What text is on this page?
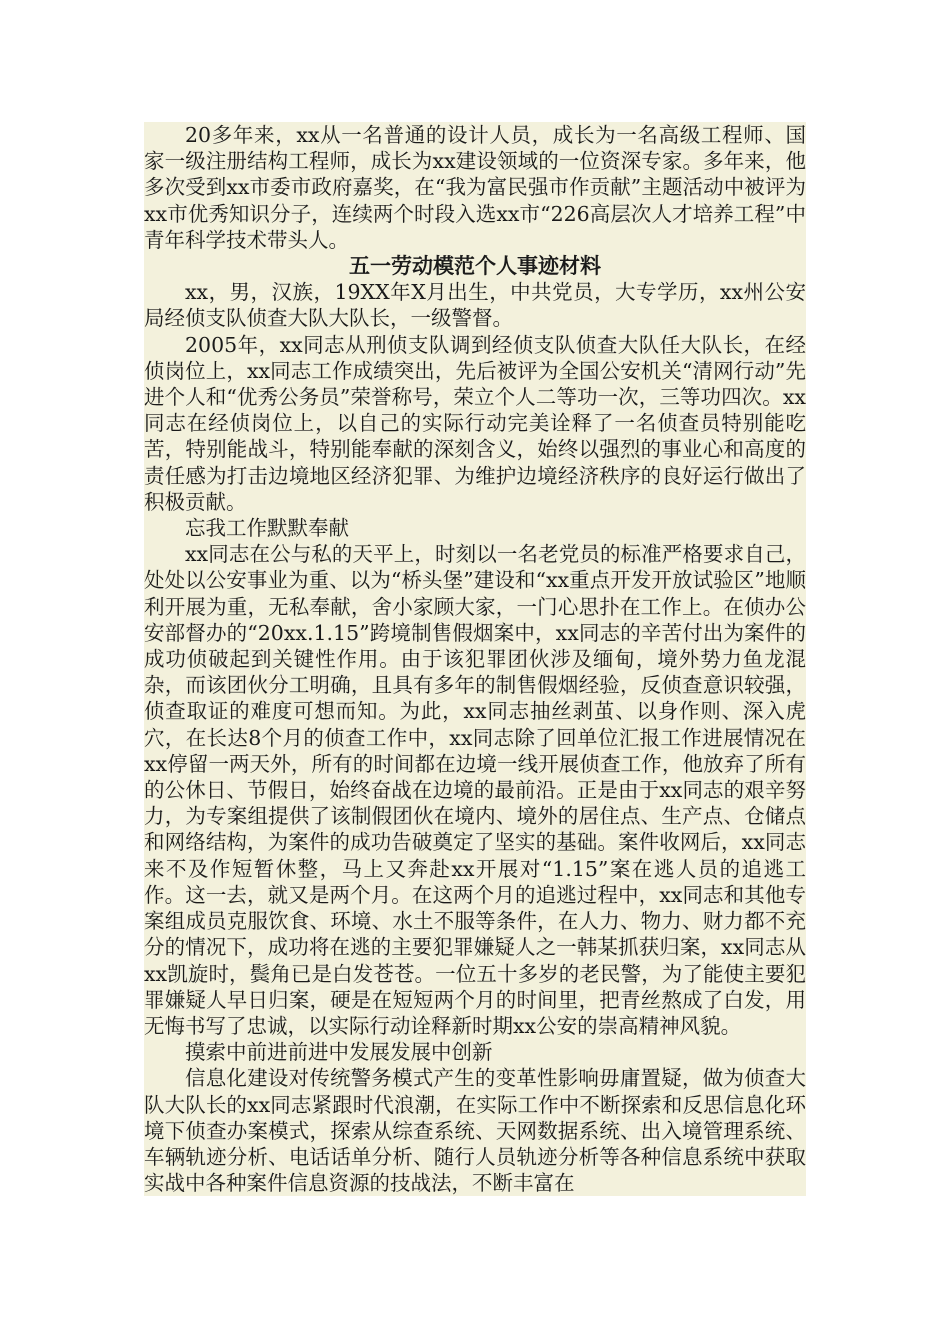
20多年来，xx从一名普通的设计人员，成长为一名高级工程师、国家一级注册结构工程师，成长为xx建设领域的一位资深专家。多年来，他多次受到xx市委市政府嘉奖，在“我为富民强市作贡献”主题活动中被评为xx市优秀知识分子，连续两个时段入选xx市“226高层次人才培养工程”中青年科学技术带头人。

五一劳动模范个人事迹材料

xx，男，汉族，19XX年X月出生，中共党员，大专学历，xx州公安局经侦支队侦查大队大队长，一级警督。

2005年，xx同志从刑侦支队调到经侦支队侦查大队任大队长，在经侦岗位上，xx同志工作成绩突出，先后被评为全国公安机关“清网行动”先进个人和“优秀公务员”荣誉称号，荣立个人二等功一次，三等功四次。xx同志在经侦岗位上，以自己的实际行动完美诠释了一名侦查员特别能吃苦，特别能战斗，特别能奉献的深刻含义，始终以强烈的事业心和高度的责任感为打击边境地区经济犯罪、为维护边境经济秩序的良好运行做出了积极贡献。

忘我工作默默奉献

xx同志在公与私的天平上，时刻以一名老党员的标准严格要求自己，处处以公安事业为重、以为“桥头堡”建设和“xx重点开发开放试验区”地顺利开展为重，无私奉献，舍小家顾大家，一门心思扑在工作上。在侦办公安部督办的“20xx.1.15”跨境制售假烟案中，xx同志的辛苦付出为案件的成功侦破起到关键性作用。由于该犯罪团伙涉及缅甸，境外势力鱼龙混杂，而该团伙分工明确，且具有多年的制售假烟经验，反侦查意识较强，侦查取证的难度可想而知。为此，xx同志抽丝剥茧、以身作则、深入虎穴，在长达8个月的侦查工作中，xx同志除了回单位汇报工作进展情况在xx停留一两天外，所有的时间都在边境一线开展侦查工作，他放弃了所有的公休日、节假日，始终奋战在边境的最前沿。正是由于xx同志的艰辛努力，为专案组提供了该制假团伙在境内、境外的居住点、生产点、仓储点和网络结构，为案件的成功告破奠定了坚实的基础。案件收网后，xx同志来不及作短暂休整，马上又奔赴xx开展对“1.15”案在逃人员的追逃工作。这一去，就又是两个月。在这两个月的追逃过程中，xx同志和其他专案组成员克服饮食、环境、水土不服等条件，在人力、物力、财力都不充分的情况下，成功将在逃的主要犯罪嫌疑人之一韩某抓获归案，xx同志从xx凯旋时，鬓角已是白发苍苍。一位五十多岁的老民警，为了能使主要犯罪嫌疑人早日归案，硬是在短短两个月的时间里，把青丝熬成了白发，用无悔书写了忠诚，以实际行动诠释新时期xx公安的崇高精神风貌。

摸索中前进前进中发展发展中创新

信息化建设对传统警务模式产生的变革性影响毋庸置疑，做为侦查大队大队长的xx同志紧跟时代浪潮，在实际工作中不断探索和反思信息化环境下侦查办案模式，探索从综查系统、天网数据系统、出入境管理系统、车辆轨迹分析、电话话单分析、随行人员轨迹分析等各种信息系统中获取实战中各种案件信息资源的技战法，不断丰富在
